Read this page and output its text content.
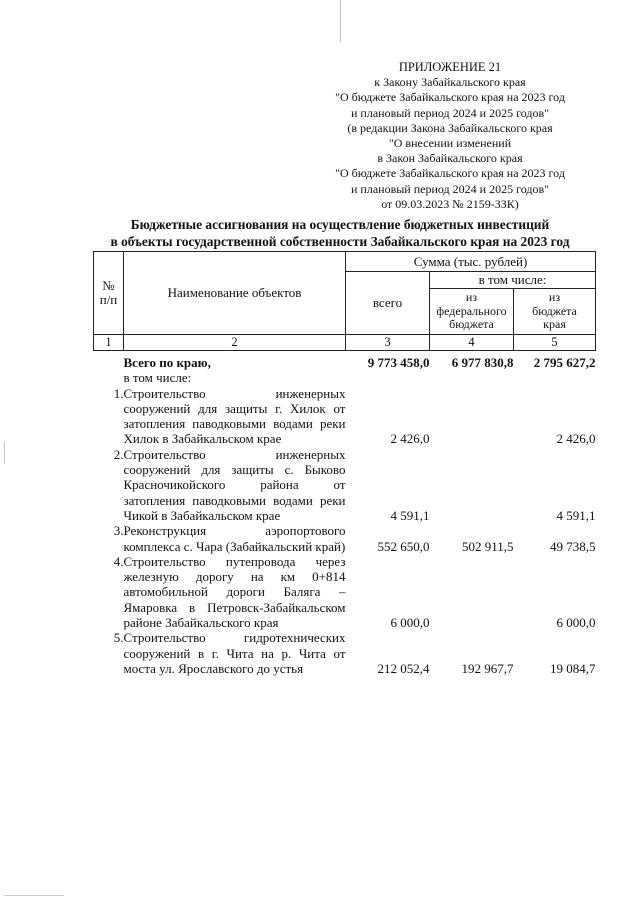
ПРИЛОЖЕНИЕ 21
к Закону Забайкальского края
"О бюджете Забайкальского края на 2023 год
и плановый период 2024 и 2025 годов"
(в редакции Закона Забайкальского края
"О внесении изменений
в Закон Забайкальского края
"О бюджете Забайкальского края на 2023 год
и плановый период 2024 и 2025 годов"
от 09.03.2023 № 2159-ЗЗК)
Бюджетные ассигнования на осуществление бюджетных инвестиций
в объекты государственной собственности Забайкальского края на 2023 год
№ п/п	Наименование объектов	Сумма (тыс. рублей)		
		всего	в том числе:	
			из федерального бюджета	из бюджета края
1	2	3	4	5

	Всего по краю,	9 773 458,0	6 977 830,8	2 795 627,2
	в том числе:			
1.	Строительство инженерных сооружений для защиты г. Хилок от затопления паводковыми водами реки Хилок в Забайкальском крае	2 426,0		2 426,0
2.	Строительство инженерных сооружений для защиты с. Быково Красночикойского района от затопления паводковыми водами реки Чикой в Забайкальском крае	4 591,1		4 591,1
3.	Реконструкция аэропортового комплекса с. Чара (Забайкальский край)	552 650,0	502 911,5	49 738,5
4.	Строительство путепровода через железную дорогу на км 0+814 автомобильной дороги Балягa – Ямаровка в Петровск-Забайкальском районе Забайкальского края	6 000,0		6 000,0
5.	Строительство гидротехнических сооружений в г. Чита на р. Чита от моста ул. Ярославского до устья	212 052,4	192 967,7	19 084,7
